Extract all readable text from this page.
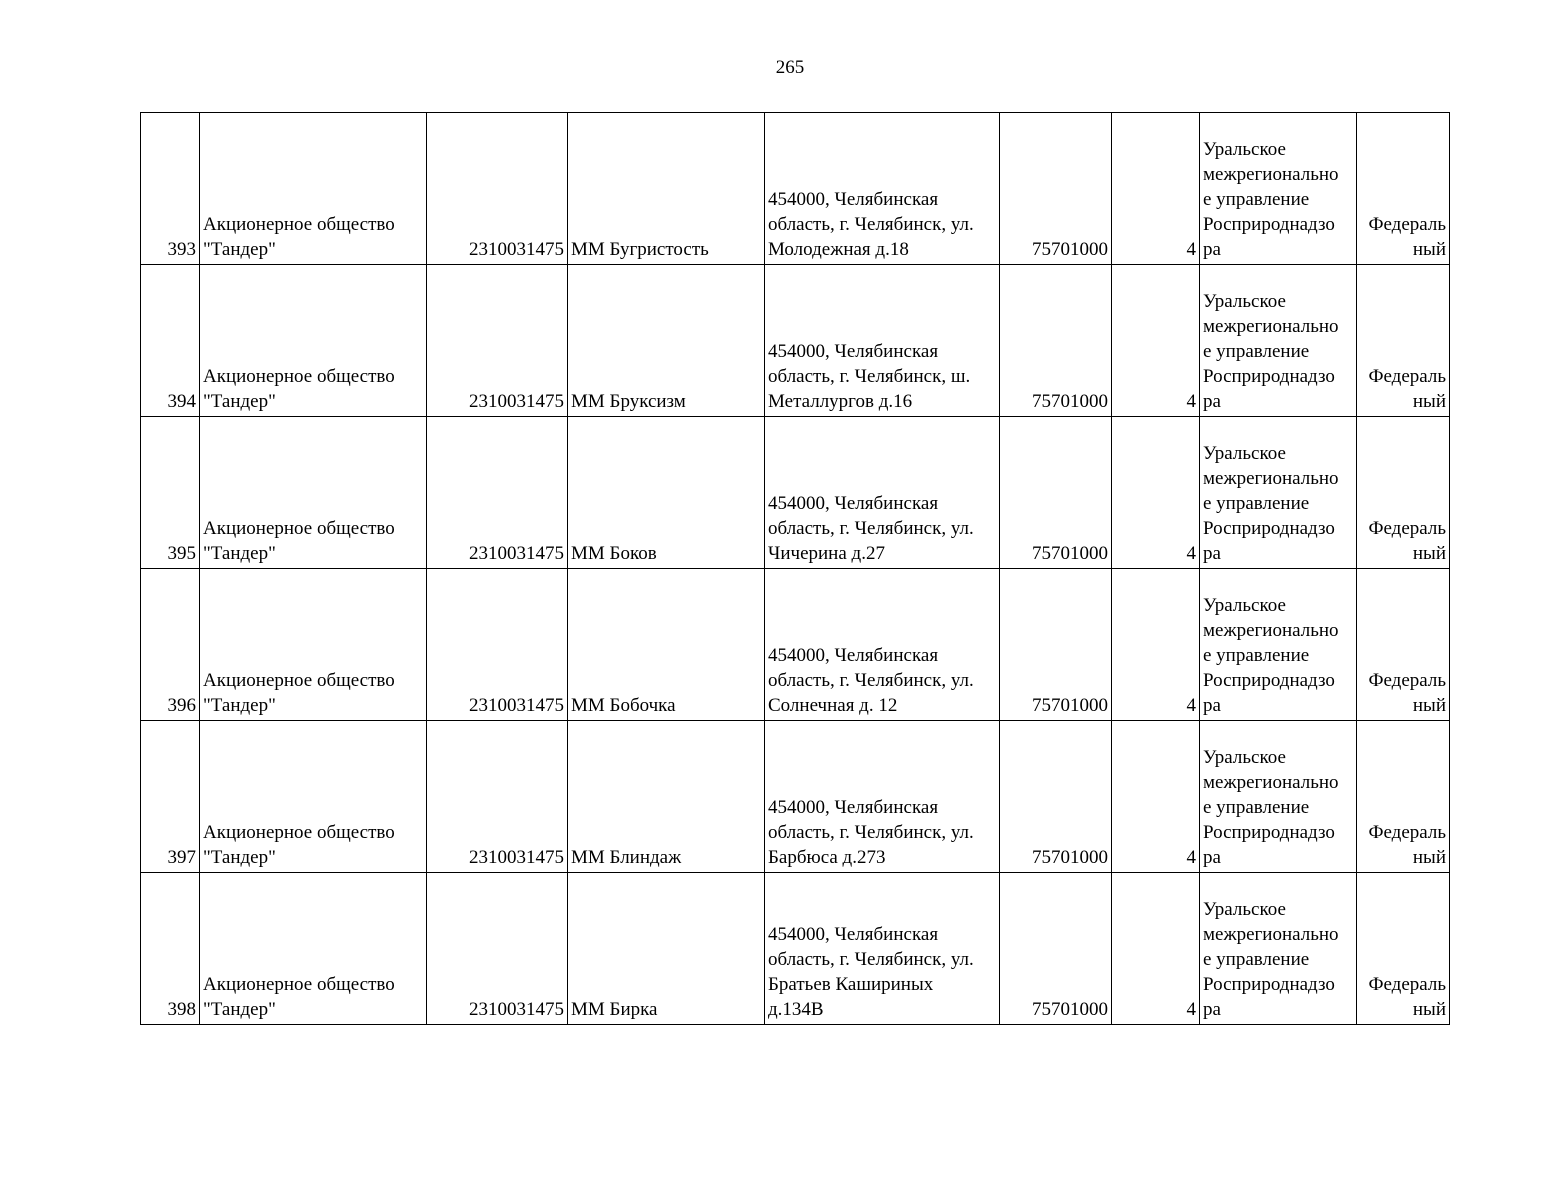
265
393	Акционерное общество
"Тандер"	2310031475	ММ Бугристость	454000, Челябинская
область, г. Челябинск, ул.
Молодежная д.18	75701000	4	Уральское
межрегионально
е управление
Росприроднадзо
ра	Федераль
ный
394	Акционерное общество
"Тандер"	2310031475	ММ Бруксизм	454000, Челябинская
область, г. Челябинск, ш.
Металлургов д.16	75701000	4	Уральское
межрегионально
е управление
Росприроднадзо
ра	Федераль
ный
395	Акционерное общество
"Тандер"	2310031475	ММ Боков	454000, Челябинская
область, г. Челябинск, ул.
Чичерина д.27	75701000	4	Уральское
межрегионально
е управление
Росприроднадзо
ра	Федераль
ный
396	Акционерное общество
"Тандер"	2310031475	ММ Бобочка	454000, Челябинская
область, г. Челябинск, ул.
Солнечная д. 12	75701000	4	Уральское
межрегионально
е управление
Росприроднадзо
ра	Федераль
ный
397	Акционерное общество
"Тандер"	2310031475	ММ Блиндаж	454000, Челябинская
область, г. Челябинск, ул.
Барбюса д.273	75701000	4	Уральское
межрегионально
е управление
Росприроднадзо
ра	Федераль
ный
398	Акционерное общество
"Тандер"	2310031475	ММ Бирка	454000, Челябинская
область, г. Челябинск, ул.
Братьев Кашириных
д.134В	75701000	4	Уральское
межрегионально
е управление
Росприроднадзо
ра	Федераль
ный
